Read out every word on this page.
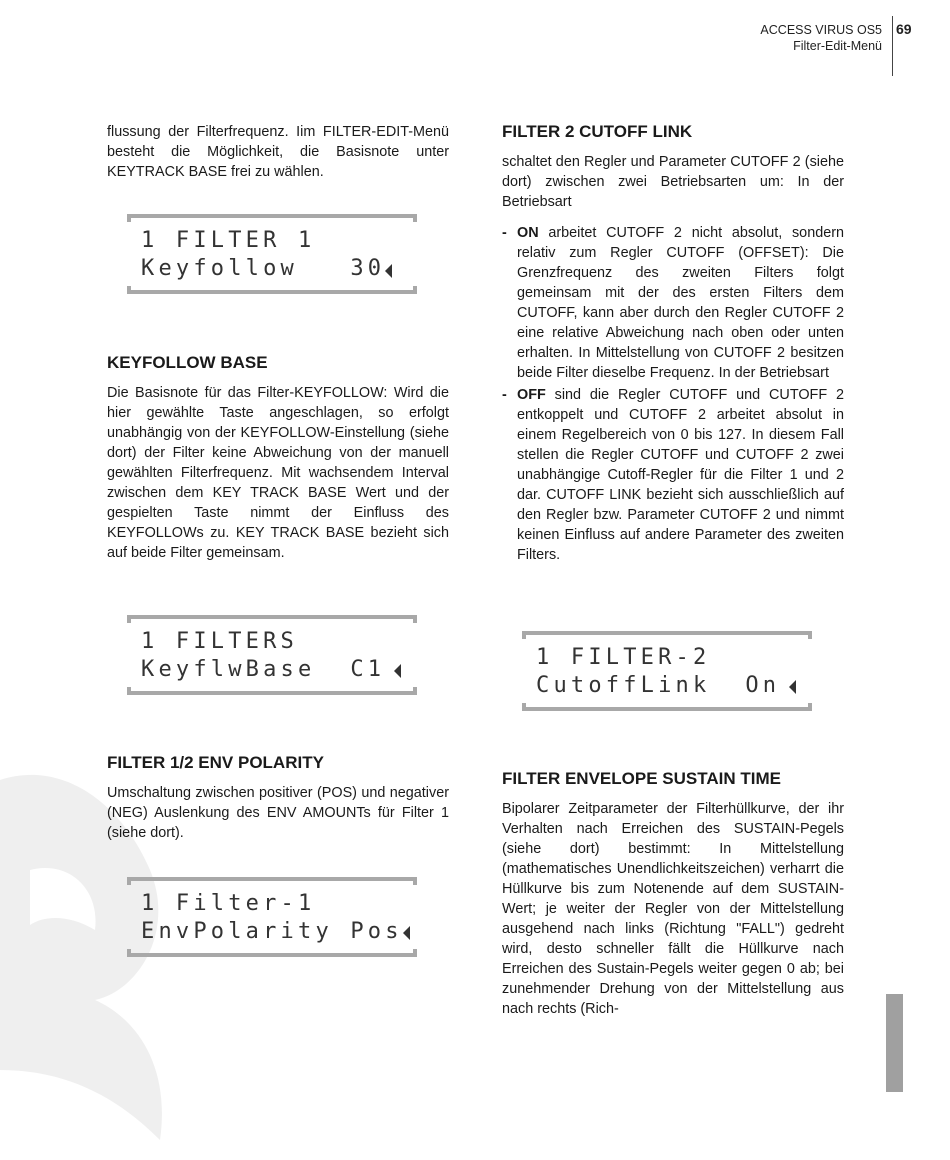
ACCESS VIRUS OS5
Filter-Edit-Menü
69

flussung der Filterfrequenz. Iim FILTER-EDIT-Menü besteht die Möglichkeit, die Basisnote unter KEYTRACK BASE frei zu wählen.

1 FILTER 1
Keyfollow   30
KEYFOLLOW BASE

Die Basisnote für das Filter-KEYFOLLOW: Wird die hier gewählte Taste angeschlagen, so erfolgt unabhängig von der KEYFOLLOW-Einstellung (siehe dort) der Filter keine Abweichung von der manuell gewählten Filterfrequenz. Mit wachsendem Interval zwischen dem KEY TRACK BASE Wert und der gespielten Taste nimmt der Einfluss des KEYFOLLOWs zu. KEY TRACK BASE bezieht sich auf beide Filter gemeinsam.

1 FILTERS
KeyflwBase  C1
FILTER 1/2 ENV POLARITY

Umschaltung zwischen positiver (POS) und negativer (NEG) Auslenkung des ENV AMOUNTs für Filter 1 (siehe dort).

1 Filter-1
EnvPolarity Pos
FILTER 2 CUTOFF LINK

schaltet den Regler und Parameter CUTOFF 2 (siehe dort) zwischen zwei Betriebsarten um: In der Betriebsart

- ON arbeitet CUTOFF 2 nicht absolut, sondern relativ zum Regler CUTOFF (OFFSET): Die Grenzfrequenz des zweiten Filters folgt gemeinsam mit der des ersten Filters dem CUTOFF, kann aber durch den Regler CUTOFF 2 eine relative Abweichung nach oben oder unten erhalten. In Mittelstellung von CUTOFF 2 besitzen beide Filter dieselbe Frequenz. In der Betriebsart
- OFF sind die Regler CUTOFF und CUTOFF 2 entkoppelt und CUTOFF 2 arbeitet absolut in einem Regelbereich von 0 bis 127. In diesem Fall stellen die Regler CUTOFF und CUTOFF 2 zwei unabhängige Cutoff-Regler für die Filter 1 und 2 dar. CUTOFF LINK bezieht sich ausschließlich auf den Regler bzw. Parameter CUTOFF 2 und nimmt keinen Einfluss auf andere Parameter des zweiten Filters.
1 FILTER-2
CutoffLink  On
FILTER ENVELOPE SUSTAIN TIME

Bipolarer Zeitparameter der Filterhüllkurve, der ihr Verhalten nach Erreichen des SUSTAIN-Pegels (siehe dort) bestimmt: In Mittelstellung (mathematisches Unendlichkeitszeichen) verharrt die Hüllkurve bis zum Notenende auf dem SUSTAIN-Wert; je weiter der Regler von der Mittelstellung ausgehend nach links (Richtung "FALL") gedreht wird, desto schneller fällt die Hüllkurve nach Erreichen des Sustain-Pegels weiter gegen 0 ab; bei zunehmender Drehung von der Mittelstellung aus nach rechts (Rich-
